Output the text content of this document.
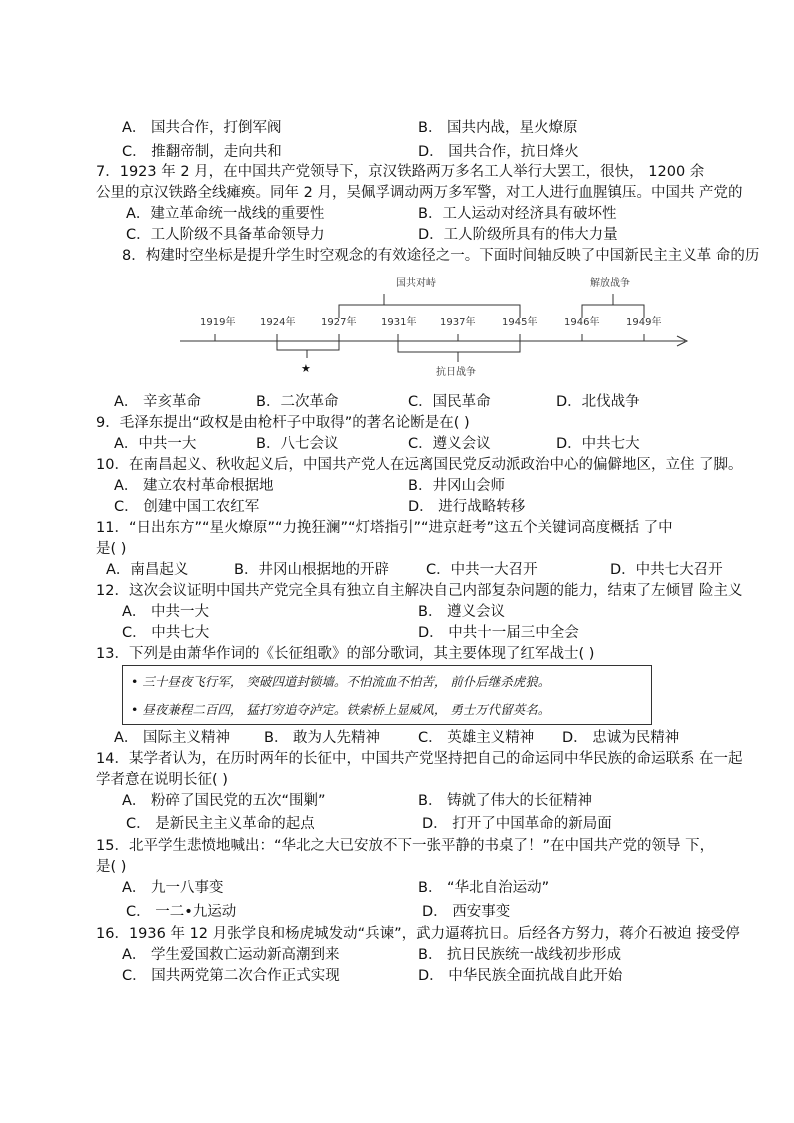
A． 国共合作，打倒军阀	B． 国共内战，星火燎原
C． 推翻帝制，走向共和	D． 国共合作，抗日烽火
7．1923 年 2 月，在中国共产党领导下，京汉铁路两万多名工人举行大罢工，很快， 1200 余
公里的京汉铁路全线瘫痪。同年 2 月，吴佩孚调动两万多军警，对工人进行血腥镇压。中国共 产党的
A．建立革命统一战线的重要性	B．工人运动对经济具有破坏性
C．工人阶级不具备革命领导力	D．工人阶级所具有的伟大力量
8．构建时空坐标是提升学生时空观念的有效途径之一。下面时间轴反映了中国新民主主义革 命的历
国共对峙	解放战争
1919年 1924年	1927年 1931年 1937年	1945年	1946年	1949年
★	抗日战争
A． 辛亥革命	B．二次革命	C．国民革命	D．北伐战争
9．毛泽东提出“政权是由枪杆子中取得”的著名论断是在( )
A．中共一大	B．八七会议	C．遵义会议	D．中共七大
10．在南昌起义、秋收起义后，中国共产党人在远离国民党反动派政治中心的偏僻地区，立住 了脚。
A． 建立农村革命根据地	B．井冈山会师
C． 创建中国工农红军	D． 进行战略转移
11．“日出东方”“星火燎原”“力挽狂澜”“灯塔指引”“进京赶考”这五个关键词高度概括 了中
是( )
A．南昌起义	B．井冈山根据地的开辟	C．中共一大召开	D．中共七大召开
12．这次会议证明中国共产党完全具有独立自主解决自己内部复杂问题的能力，结束了左倾冒 险主义
A． 中共一大	B． 遵义会议
C． 中共七大	D． 中共十一届三中全会
13．下列是由萧华作词的《长征组歌》的部分歌词，其主要体现了红军战士( )
• 三十昼夜飞行军， 突破四道封锁墙。不怕流血不怕苦， 前仆后继杀虎狼。
• 昼夜兼程二百四， 猛打穷追夺泸定。铁索桥上显威风， 勇士万代留英名。
A． 国际主义精神 B． 敢为人先精神	C． 英雄主义精神 D． 忠诚为民精神
14．某学者认为，在历时两年的长征中，中国共产党坚持把自己的命运同中华民族的命运联系 在一起
学者意在说明长征( )
A． 粉碎了国民党的五次“围剿”	B． 铸就了伟大的长征精神
C． 是新民主主义革命的起点	D． 打开了中国革命的新局面
15．北平学生悲愤地喊出：“华北之大已安放不下一张平静的书桌了！”在中国共产党的领导 下，
是( )
A． 九一八事变	B． “华北自治运动”
C． 一二•九运动	D． 西安事变
16．1936 年 12 月张学良和杨虎城发动“兵谏”，武力逼蒋抗日。后经各方努力，蒋介石被迫 接受停
A． 学生爱国救亡运动新高潮到来	B． 抗日民族统一战线初步形成
C． 国共两党第二次合作正式实现	D． 中华民族全面抗战自此开始
